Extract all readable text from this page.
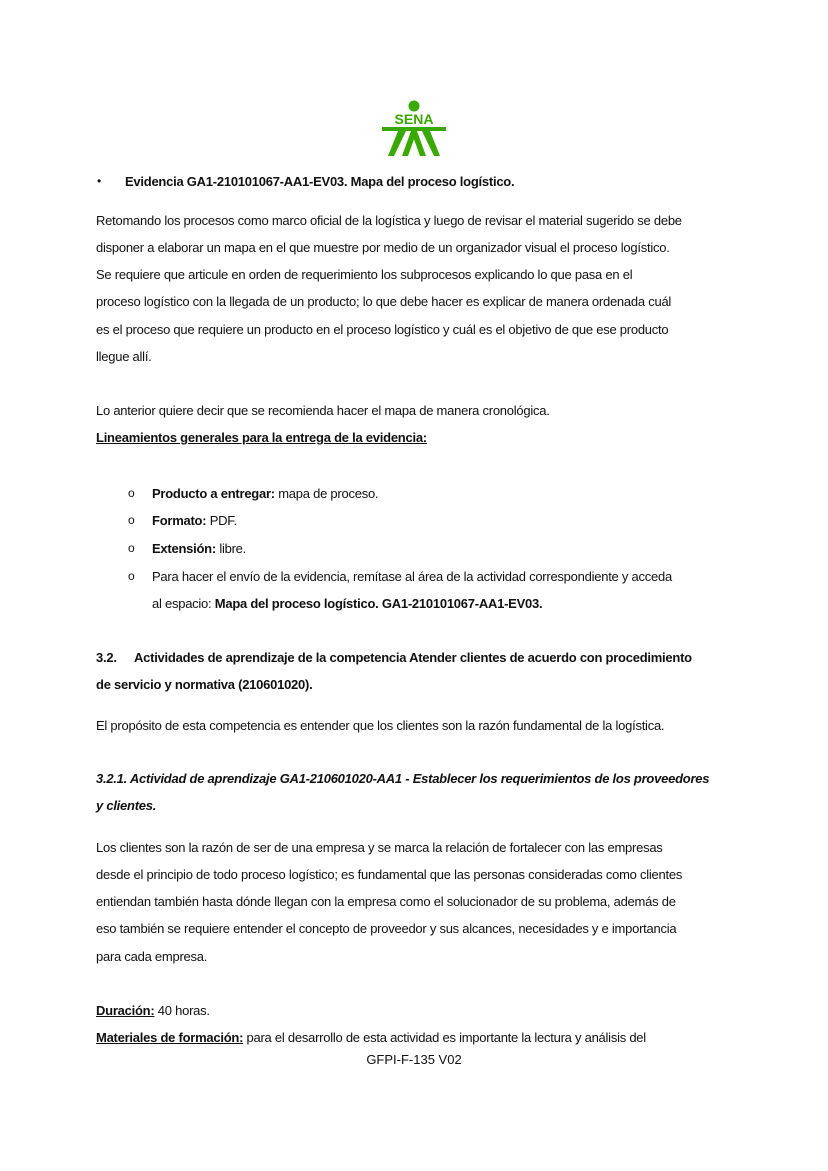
SENA
• Evidencia GA1-210101067-AA1-EV03. Mapa del proceso logístico.
Retomando los procesos como marco oficial de la logística y luego de revisar el material sugerido se debe
disponer a elaborar un mapa en el que muestre por medio de un organizador visual el proceso logístico.
Se requiere que articule en orden de requerimiento los subprocesos explicando lo que pasa en el
proceso logístico con la llegada de un producto; lo que debe hacer es explicar de manera ordenada cuál
es el proceso que requiere un producto en el proceso logístico y cuál es el objetivo de que ese producto
llegue allí.
Lo anterior quiere decir que se recomienda hacer el mapa de manera cronológica.
Lineamientos generales para la entrega de la evidencia:
o Producto a entregar: mapa de proceso.
o Formato: PDF.
o Extensión: libre.
o Para hacer el envío de la evidencia, remítase al área de la actividad correspondiente y acceda
al espacio: Mapa del proceso logístico. GA1-210101067-AA1-EV03.
3.2. Actividades de aprendizaje de la competencia Atender clientes de acuerdo con procedimiento
de servicio y normativa (210601020).
El propósito de esta competencia es entender que los clientes son la razón fundamental de la logística.
3.2.1. Actividad de aprendizaje GA1-210601020-AA1 - Establecer los requerimientos de los proveedores
y clientes.
Los clientes son la razón de ser de una empresa y se marca la relación de fortalecer con las empresas
desde el principio de todo proceso logístico; es fundamental que las personas consideradas como clientes
entiendan también hasta dónde llegan con la empresa como el solucionador de su problema, además de
eso también se requiere entender el concepto de proveedor y sus alcances, necesidades y e importancia
para cada empresa.
Duración: 40 horas.
Materiales de formación: para el desarrollo de esta actividad es importante la lectura y análisis del
GFPI-F-135 V02
